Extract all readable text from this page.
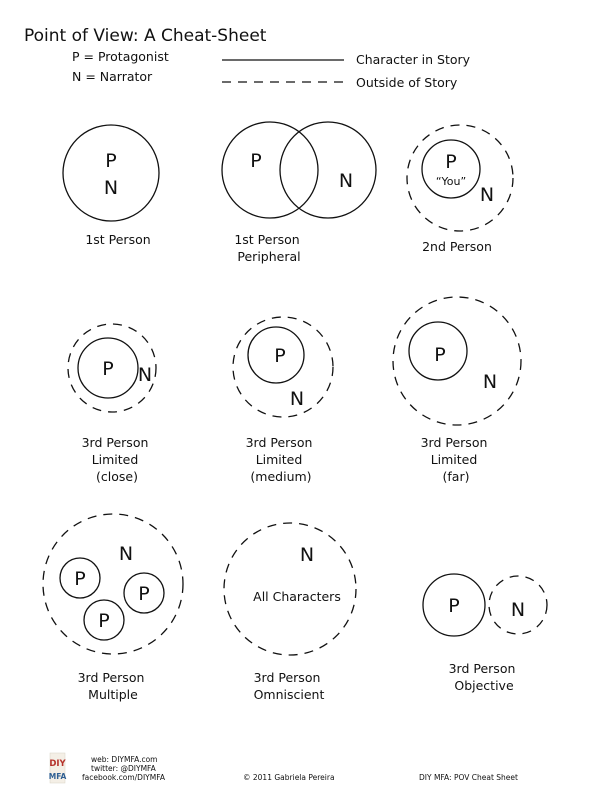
Point of View: A Cheat-Sheet
P = Protagonist
N = Narrator
Character in Story
Outside of Story
P
N
1st Person
P
N
1st Person Peripheral
P
“You”
N
2nd Person
P N
3rd Person Limited (close)
P
N
3rd Person Limited (medium)
P
N
3rd Person Limited (far)
P
P
P
N
3rd Person Multiple
N
All Characters
3rd Person Omniscient
P	N
3rd Person Objective
DIY
MFA
web: DIYMFA.com
twitter: @DIYMFA
facebook.com/DIYMFA	© 2011 Gabriela Pereira	DIY MFA: POV Cheat Sheet
